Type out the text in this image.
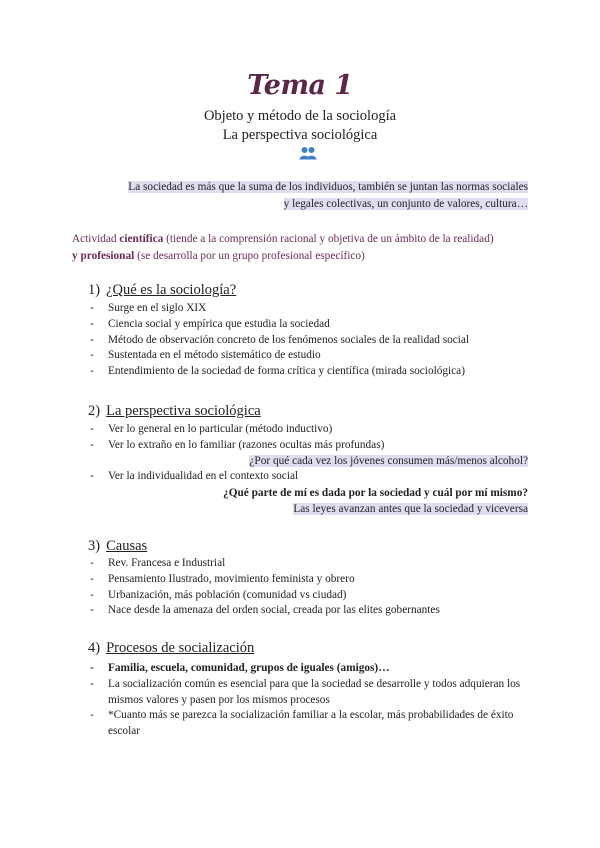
Tema 1
Objeto y método de la sociología
La perspectiva sociológica
La sociedad es más que la suma de los individuos, también se juntan las normas sociales
y legales colectivas, un conjunto de valores, cultura…
Actividad científica (tiende a la comprensión racional y objetiva de un ámbito de la realidad)
y profesional (se desarrolla por un grupo profesional específico)
1) ¿Qué es la sociología?
- Surge en el siglo XIX
- Ciencia social y empírica que estudia la sociedad
- Método de observación concreto de los fenómenos sociales de la realidad social
- Sustentada en el método sistemático de estudio
- Entendimiento de la sociedad de forma crítica y científica (mirada sociológica)
2) La perspectiva sociológica
- Ver lo general en lo particular (método inductivo)
- Ver lo extraño en lo familiar (razones ocultas más profundas)
¿Por qué cada vez los jóvenes consumen más/menos alcohol?
- Ver la individualidad en el contexto social
¿Qué parte de mí es dada por la sociedad y cuál por mí mismo?
Las leyes avanzan antes que la sociedad y viceversa
3) Causas
- Rev. Francesa e Industrial
- Pensamiento Ilustrado, movimiento feminista y obrero
- Urbanización, más población (comunidad vs ciudad)
- Nace desde la amenaza del orden social, creada por las elites gobernantes
4) Procesos de socialización
- Familia, escuela, comunidad, grupos de iguales (amigos)…
- La socialización común es esencial para que la sociedad se desarrolle y todos adquieran los mismos valores y pasen por los mismos procesos
- *Cuanto más se parezca la socialización familiar a la escolar, más probabilidades de éxito escolar
